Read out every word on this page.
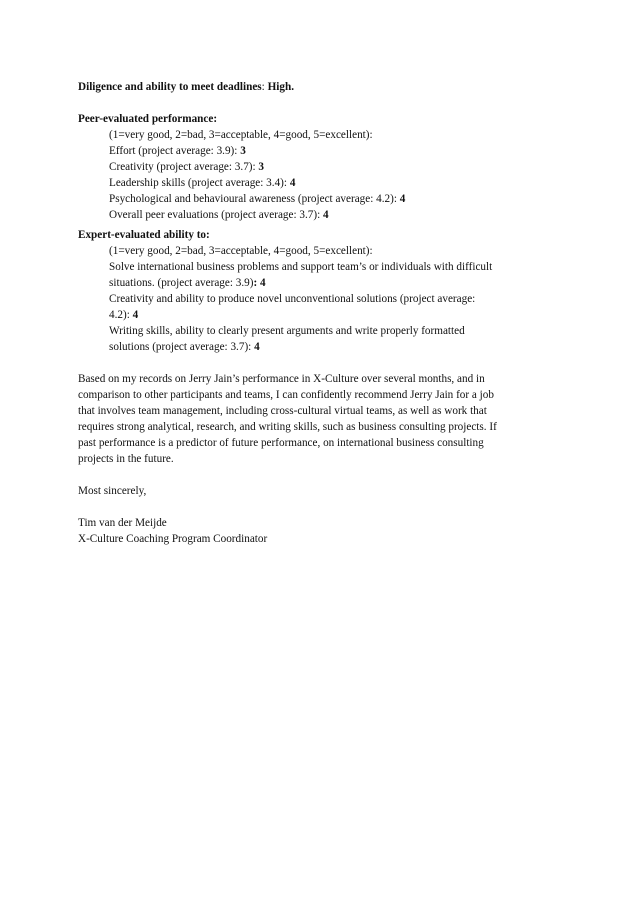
Diligence and ability to meet deadlines: High.

Peer-evaluated performance:

(1=very good, 2=bad, 3=acceptable, 4=good, 5=excellent):

Effort (project average: 3.9): 3

Creativity (project average: 3.7): 3

Leadership skills (project average: 3.4): 4

Psychological and behavioural awareness (project average: 4.2): 4

Overall peer evaluations (project average: 3.7): 4

Expert-evaluated ability to:

(1=very good, 2=bad, 3=acceptable, 4=good, 5=excellent):

Solve international business problems and support team’s or individuals with difficult

situations. (project average: 3.9): 4

Creativity and ability to produce novel unconventional solutions (project average:

4.2): 4

Writing skills, ability to clearly present arguments and write properly formatted

solutions (project average: 3.7): 4

Based on my records on Jerry Jain’s performance in X-Culture over several months, and in

comparison to other participants and teams, I can confidently recommend Jerry Jain for a job

that involves team management, including cross-cultural virtual teams, as well as work that

requires strong analytical, research, and writing skills, such as business consulting projects. If

past performance is a predictor of future performance, on international business consulting

projects in the future.

Most sincerely,

Tim van der Meijde

X-Culture Coaching Program Coordinator
